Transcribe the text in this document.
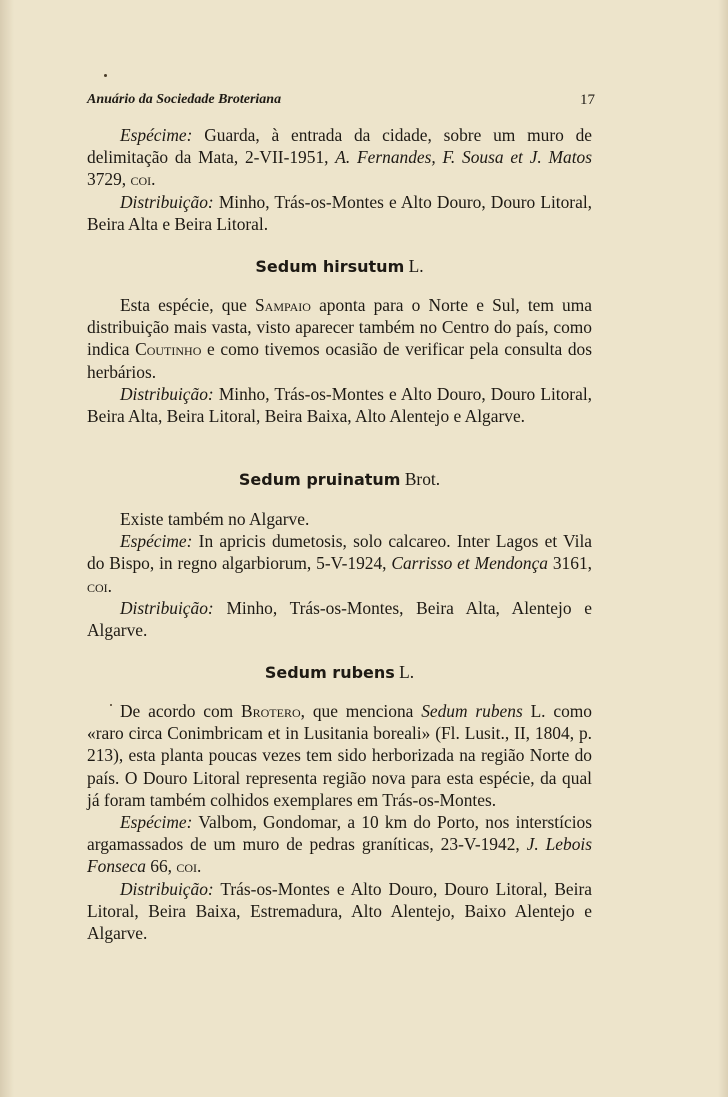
Anuário da Sociedade Broteriana	17

Espécime: Guarda, à entrada da cidade, sobre um muro de delimitação da Mata, 2-VII-1951, A. Fernandes, F. Sousa et J. Matos 3729, coi.

Distribuição: Minho, Trás-os-Montes e Alto Douro, Douro Litoral, Beira Alta e Beira Litoral.

Sedum hirsutum L.

Esta espécie, que Sampaio aponta para o Norte e Sul, tem uma distribuição mais vasta, visto aparecer também no Centro do país, como indica Coutinho e como tivemos ocasião de verificar pela consulta dos herbários.

Distribuição: Minho, Trás-os-Montes e Alto Douro, Douro Litoral, Beira Alta, Beira Litoral, Beira Baixa, Alto Alentejo e Algarve.

Sedum pruinatum Brot.

Existe também no Algarve.

Espécime: In apricis dumetosis, solo calcareo. Inter Lagos et Vila do Bispo, in regno algarbiorum, 5-V-1924, Carrisso et Mendonça 3161, coi.

Distribuição: Minho, Trás-os-Montes, Beira Alta, Alentejo e Algarve.

Sedum rubens L.

De acordo com Brotero, que menciona Sedum rubens L. como «raro circa Conimbricam et in Lusitania boreali» (Fl. Lusit., II, 1804, p. 213), esta planta poucas vezes tem sido herborizada na região Norte do país. O Douro Litoral representa região nova para esta espécie, da qual já foram também colhidos exemplares em Trás-os-Montes.

Espécime: Valbom, Gondomar, a 10 km do Porto, nos interstícios argamassados de um muro de pedras graníticas, 23-V-1942, J. Lebois Fonseca 66, coi.

Distribuição: Trás-os-Montes e Alto Douro, Douro Litoral, Beira Litoral, Beira Baixa, Estremadura, Alto Alentejo, Baixo Alentejo e Algarve.
